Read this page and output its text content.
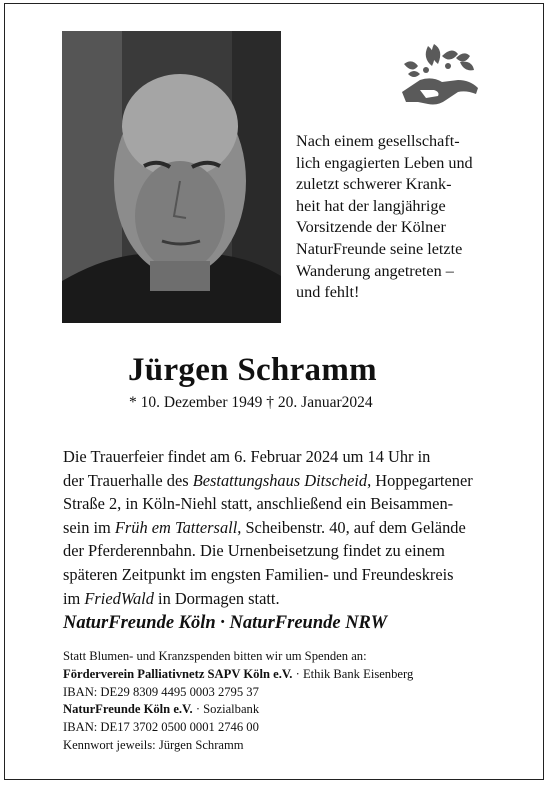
Nach einem gesellschaft-
lich engagierten Leben und
zuletzt schwerer Krank-
heit hat der langjährige
Vorsitzende der Kölner
NaturFreunde seine letzte
Wanderung angetreten –
und fehlt!
Jürgen Schramm
* 10. Dezember 1949 † 20. Januar2024
Die Trauerfeier findet am 6. Februar 2024 um 14 Uhr in
der Trauerhalle des Bestattungshaus Ditscheid, Hoppegartener
Straße 2, in Köln-Niehl statt, anschließend ein Beisammen-
sein im Früh em Tattersall, Scheibenstr. 40, auf dem Gelände
der Pferderennbahn. Die Urnenbeisetzung findet zu einem
späteren Zeitpunkt im engsten Familien- und Freundeskreis
im FriedWald in Dormagen statt.
NaturFreunde Köln · NaturFreunde NRW
Statt Blumen- und Kranzspenden bitten wir um Spenden an:
Förderverein Palliativnetz SAPV Köln e.V. · Ethik Bank Eisenberg
IBAN: DE29 8309 4495 0003 2795 37
NaturFreunde Köln e.V. · Sozialbank
IBAN: DE17 3702 0500 0001 2746 00
Kennwort jeweils: Jürgen Schramm
